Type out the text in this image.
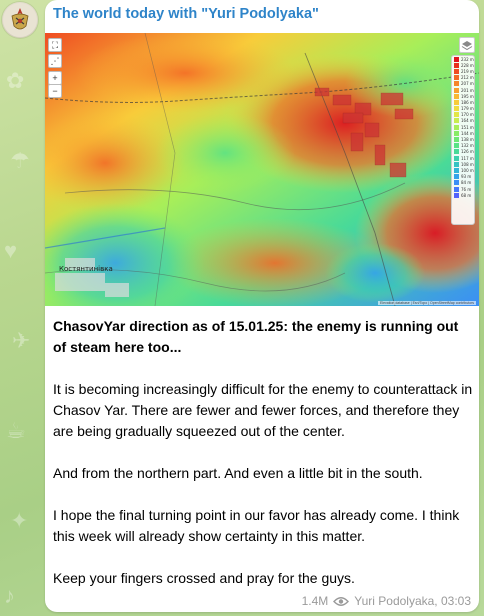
✿
☂
♥
✈
☕
✦
♪
The world today with "Yuri Podolyaka"
⛶
⋰
+
−
232 m
228 m
219 m
212 m
207 m
201 m
195 m
186 m
179 m
170 m
164 m
151 m
144 m
138 m
132 m
126 m
117 m
108 m
100 m
93 m
84 m
76 m
68 m
Костянтинівка
Elevation database | Esri/Topo | OpenStreetMap contributors

ChasovYar direction as of 15.01.25: the enemy is running out of steam here too...

It is becoming increasingly difficult for the enemy to counterattack in Chasov Yar. There are fewer and fewer forces, and therefore they are being gradually squeezed out of the center.

And from the northern part. And even a little bit in the south.

I hope the final turning point in our favor has already come. I think this week will already show certainty in this matter.

Keep your fingers crossed and pray for the guys.

1.4M Yuri Podolyaka, 03:03
